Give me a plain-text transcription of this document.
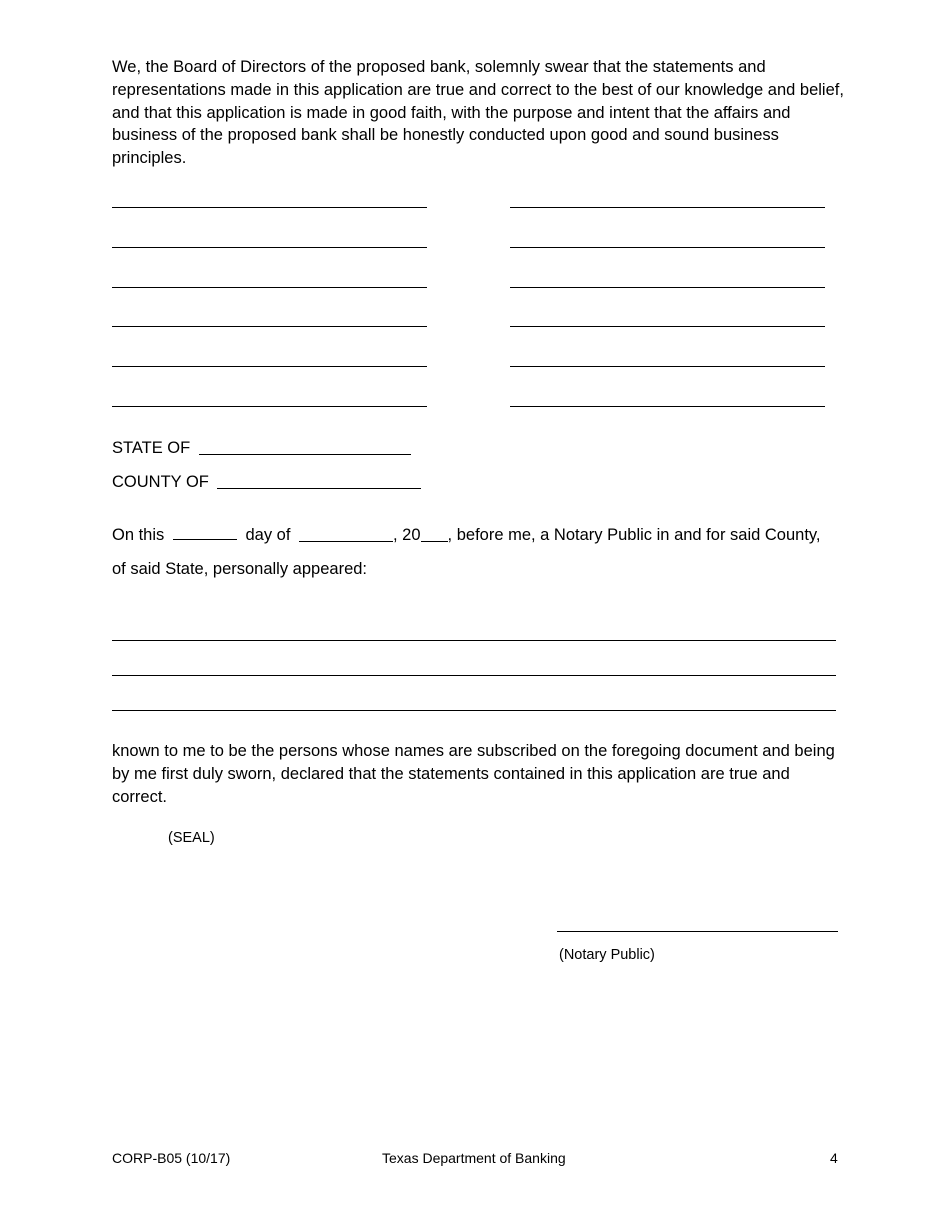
We, the Board of Directors of the proposed bank, solemnly swear that the statements and representations made in this application are true and correct to the best of our knowledge and belief, and that this application is made in good faith, with the purpose and intent that the affairs and business of the proposed bank shall be honestly conducted upon good and sound business principles.

STATE OF
COUNTY OF
On this	day of	, 20 , before me, a Notary Public in and for said County,
of said State, personally appeared:

known to me to be the persons whose names are subscribed on the foregoing document and being by me first duly sworn, declared that the statements contained in this application are true and correct.

(SEAL)
(Notary Public)
CORP-B05 (10/17)	Texas Department of Banking	4
